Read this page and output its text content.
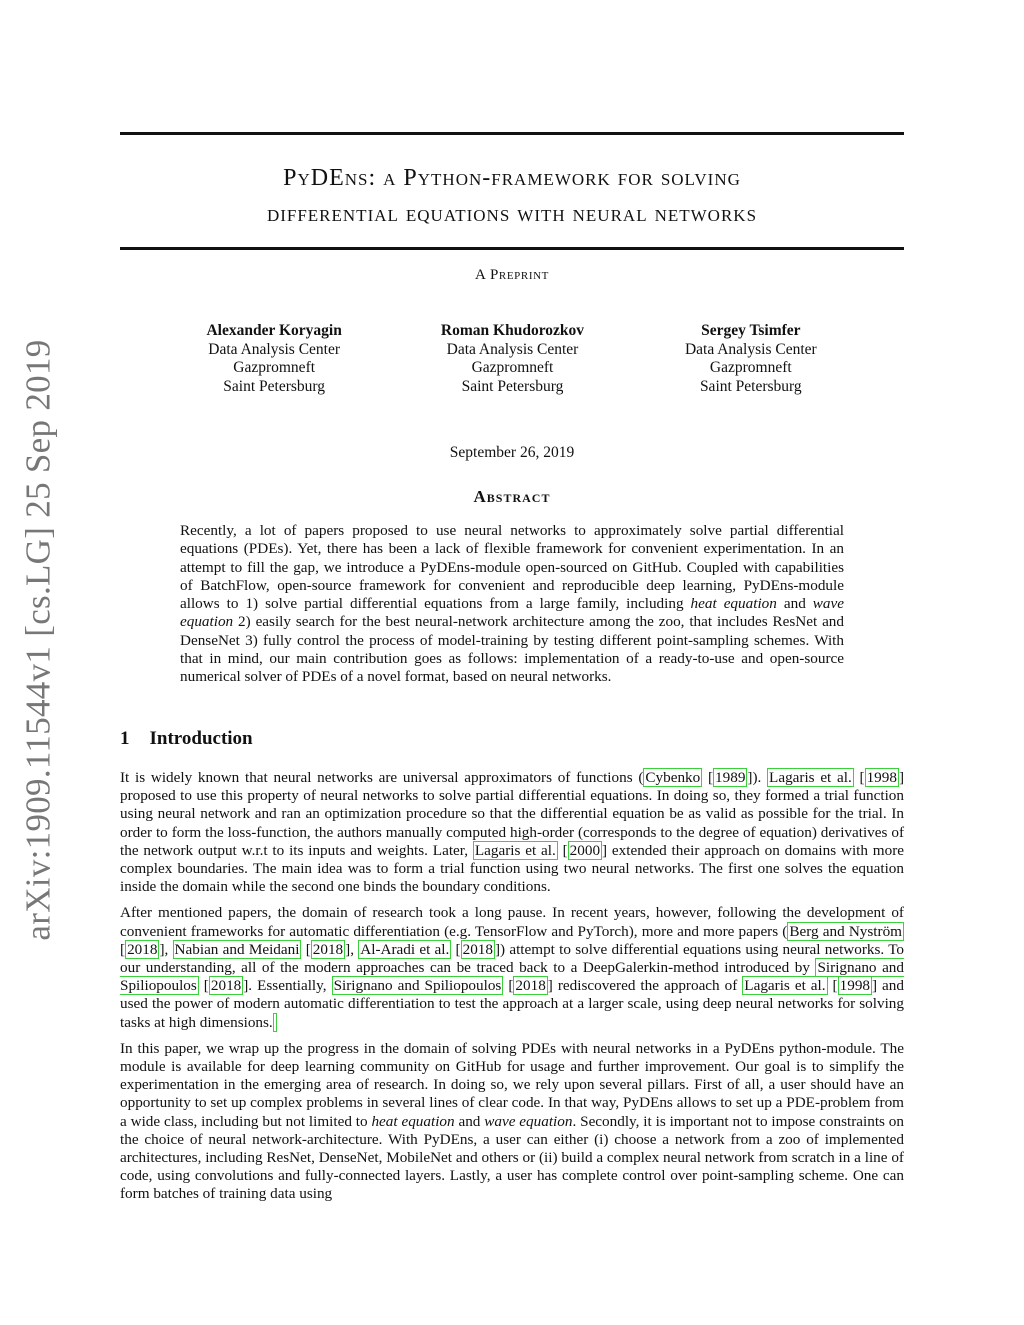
arXiv:1909.11544v1 [cs.LG] 25 Sep 2019
PyDEns: a Python-framework for solving
differential equations with neural networks
A Preprint
Alexander Koryagin
Data Analysis Center
Gazpromneft
Saint Petersburg
Roman Khudorozkov
Data Analysis Center
Gazpromneft
Saint Petersburg
Sergey Tsimfer
Data Analysis Center
Gazpromneft
Saint Petersburg
September 26, 2019
Abstract
Recently, a lot of papers proposed to use neural networks to approximately solve partial differential equations (PDEs). Yet, there has been a lack of flexible framework for convenient experimentation. In an attempt to fill the gap, we introduce a PyDEns-module open-sourced on GitHub. Coupled with capabilities of BatchFlow, open-source framework for convenient and reproducible deep learning, PyDEns-module allows to 1) solve partial differential equations from a large family, including heat equation and wave equation 2) easily search for the best neural-network architecture among the zoo, that includes ResNet and DenseNet 3) fully control the process of model-training by testing different point-sampling schemes. With that in mind, our main contribution goes as follows: implementation of a ready-to-use and open-source numerical solver of PDEs of a novel format, based on neural networks.
1 Introduction

It is widely known that neural networks are universal approximators of functions ( Cybenko [ 1989 ]). Lagaris et al. [ 1998 ] proposed to use this property of neural networks to solve partial differential equations. In doing so, they formed a trial function using neural network and ran an optimization procedure so that the differential equation be as valid as possible for the trial. In order to form the loss-function, the authors manually computed high-order (corresponds to the degree of equation) derivatives of the network output w.r.t to its inputs and weights. Later, Lagaris et al. [ 2000 ] extended their approach on domains with more complex boundaries. The main idea was to form a trial function using two neural networks. The first one solves the equation inside the domain while the second one binds the boundary conditions.

After mentioned papers, the domain of research took a long pause. In recent years, however, following the development of convenient frameworks for automatic differentiation (e.g. TensorFlow and PyTorch), more and more papers ( Berg and Nyström [ 2018 ], Nabian and Meidani [ 2018 ], Al-Aradi et al. [ 2018 ]) attempt to solve differential equations using neural networks. To our understanding, all of the modern approaches can be traced back to a DeepGalerkin-method introduced by Sirignano and Spiliopoulos [ 2018 ]. Essentially, Sirignano and Spiliopoulos [ 2018 ] rediscovered the approach of Lagaris et al. [ 1998 ] and used the power of modern automatic differentiation to test the approach at a larger scale, using deep neural networks for solving tasks at high dimensions.

In this paper, we wrap up the progress in the domain of solving PDEs with neural networks in a PyDEns python-module. The module is available for deep learning community on GitHub for usage and further improvement. Our goal is to simplify the experimentation in the emerging area of research. In doing so, we rely upon several pillars. First of all, a user should have an opportunity to set up complex problems in several lines of clear code. In that way, PyDEns allows to set up a PDE-problem from a wide class, including but not limited to heat equation and wave equation. Secondly, it is important not to impose constraints on the choice of neural network-architecture. With PyDEns, a user can either (i) choose a network from a zoo of implemented architectures, including ResNet, DenseNet, MobileNet and others or (ii) build a complex neural network from scratch in a line of code, using convolutions and fully-connected layers. Lastly, a user has complete control over point-sampling scheme. One can form batches of training data using
